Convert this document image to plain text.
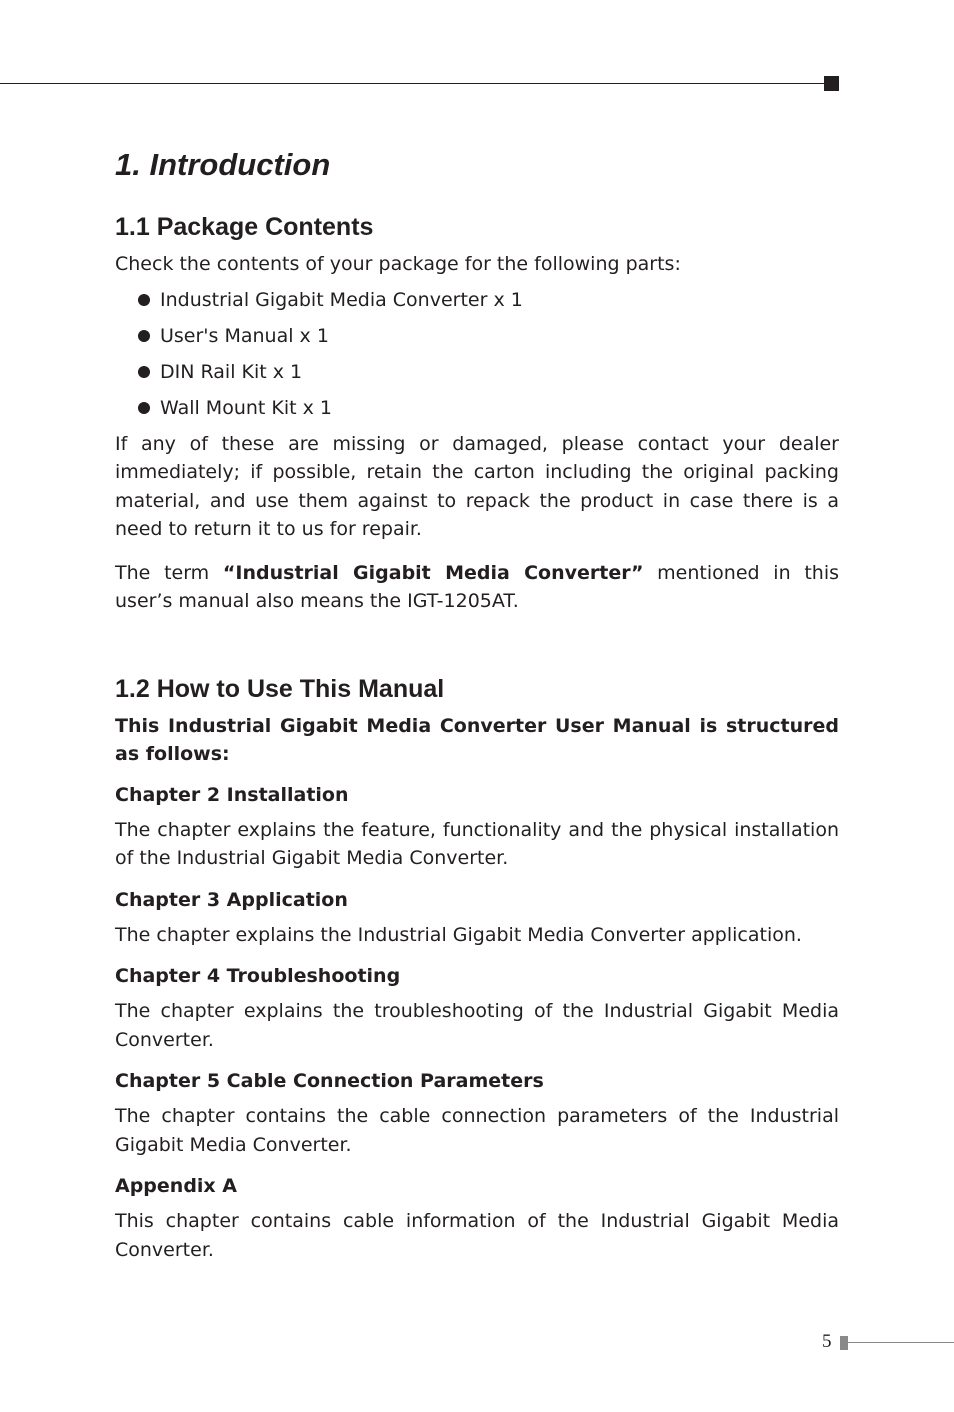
1. Introduction
1.1 Package Contents

Check the contents of your package for the following parts:

Industrial Gigabit Media Converter x 1
User's Manual x 1
DIN Rail Kit x 1
Wall Mount Kit x 1

If any of these are missing or damaged, please contact your dealer immediately; if possible, retain the carton including the original packing material, and use them against to repack the product in case there is a need to return it to us for repair.

The term “Industrial Gigabit Media Converter” mentioned in this user’s manual also means the IGT-1205AT.

1.2 How to Use This Manual

This Industrial Gigabit Media Converter User Manual is structured as follows:

Chapter 2 Installation

The chapter explains the feature, functionality and the physical installation of the Industrial Gigabit Media Converter.

Chapter 3 Application

The chapter explains the Industrial Gigabit Media Converter application.

Chapter 4 Troubleshooting

The chapter explains the troubleshooting of the Industrial Gigabit Media Converter.

Chapter 5 Cable Connection Parameters

The chapter contains the cable connection parameters of the Industrial Gigabit Media Converter.

Appendix A

This chapter contains cable information of the Industrial Gigabit Media Converter.

5
